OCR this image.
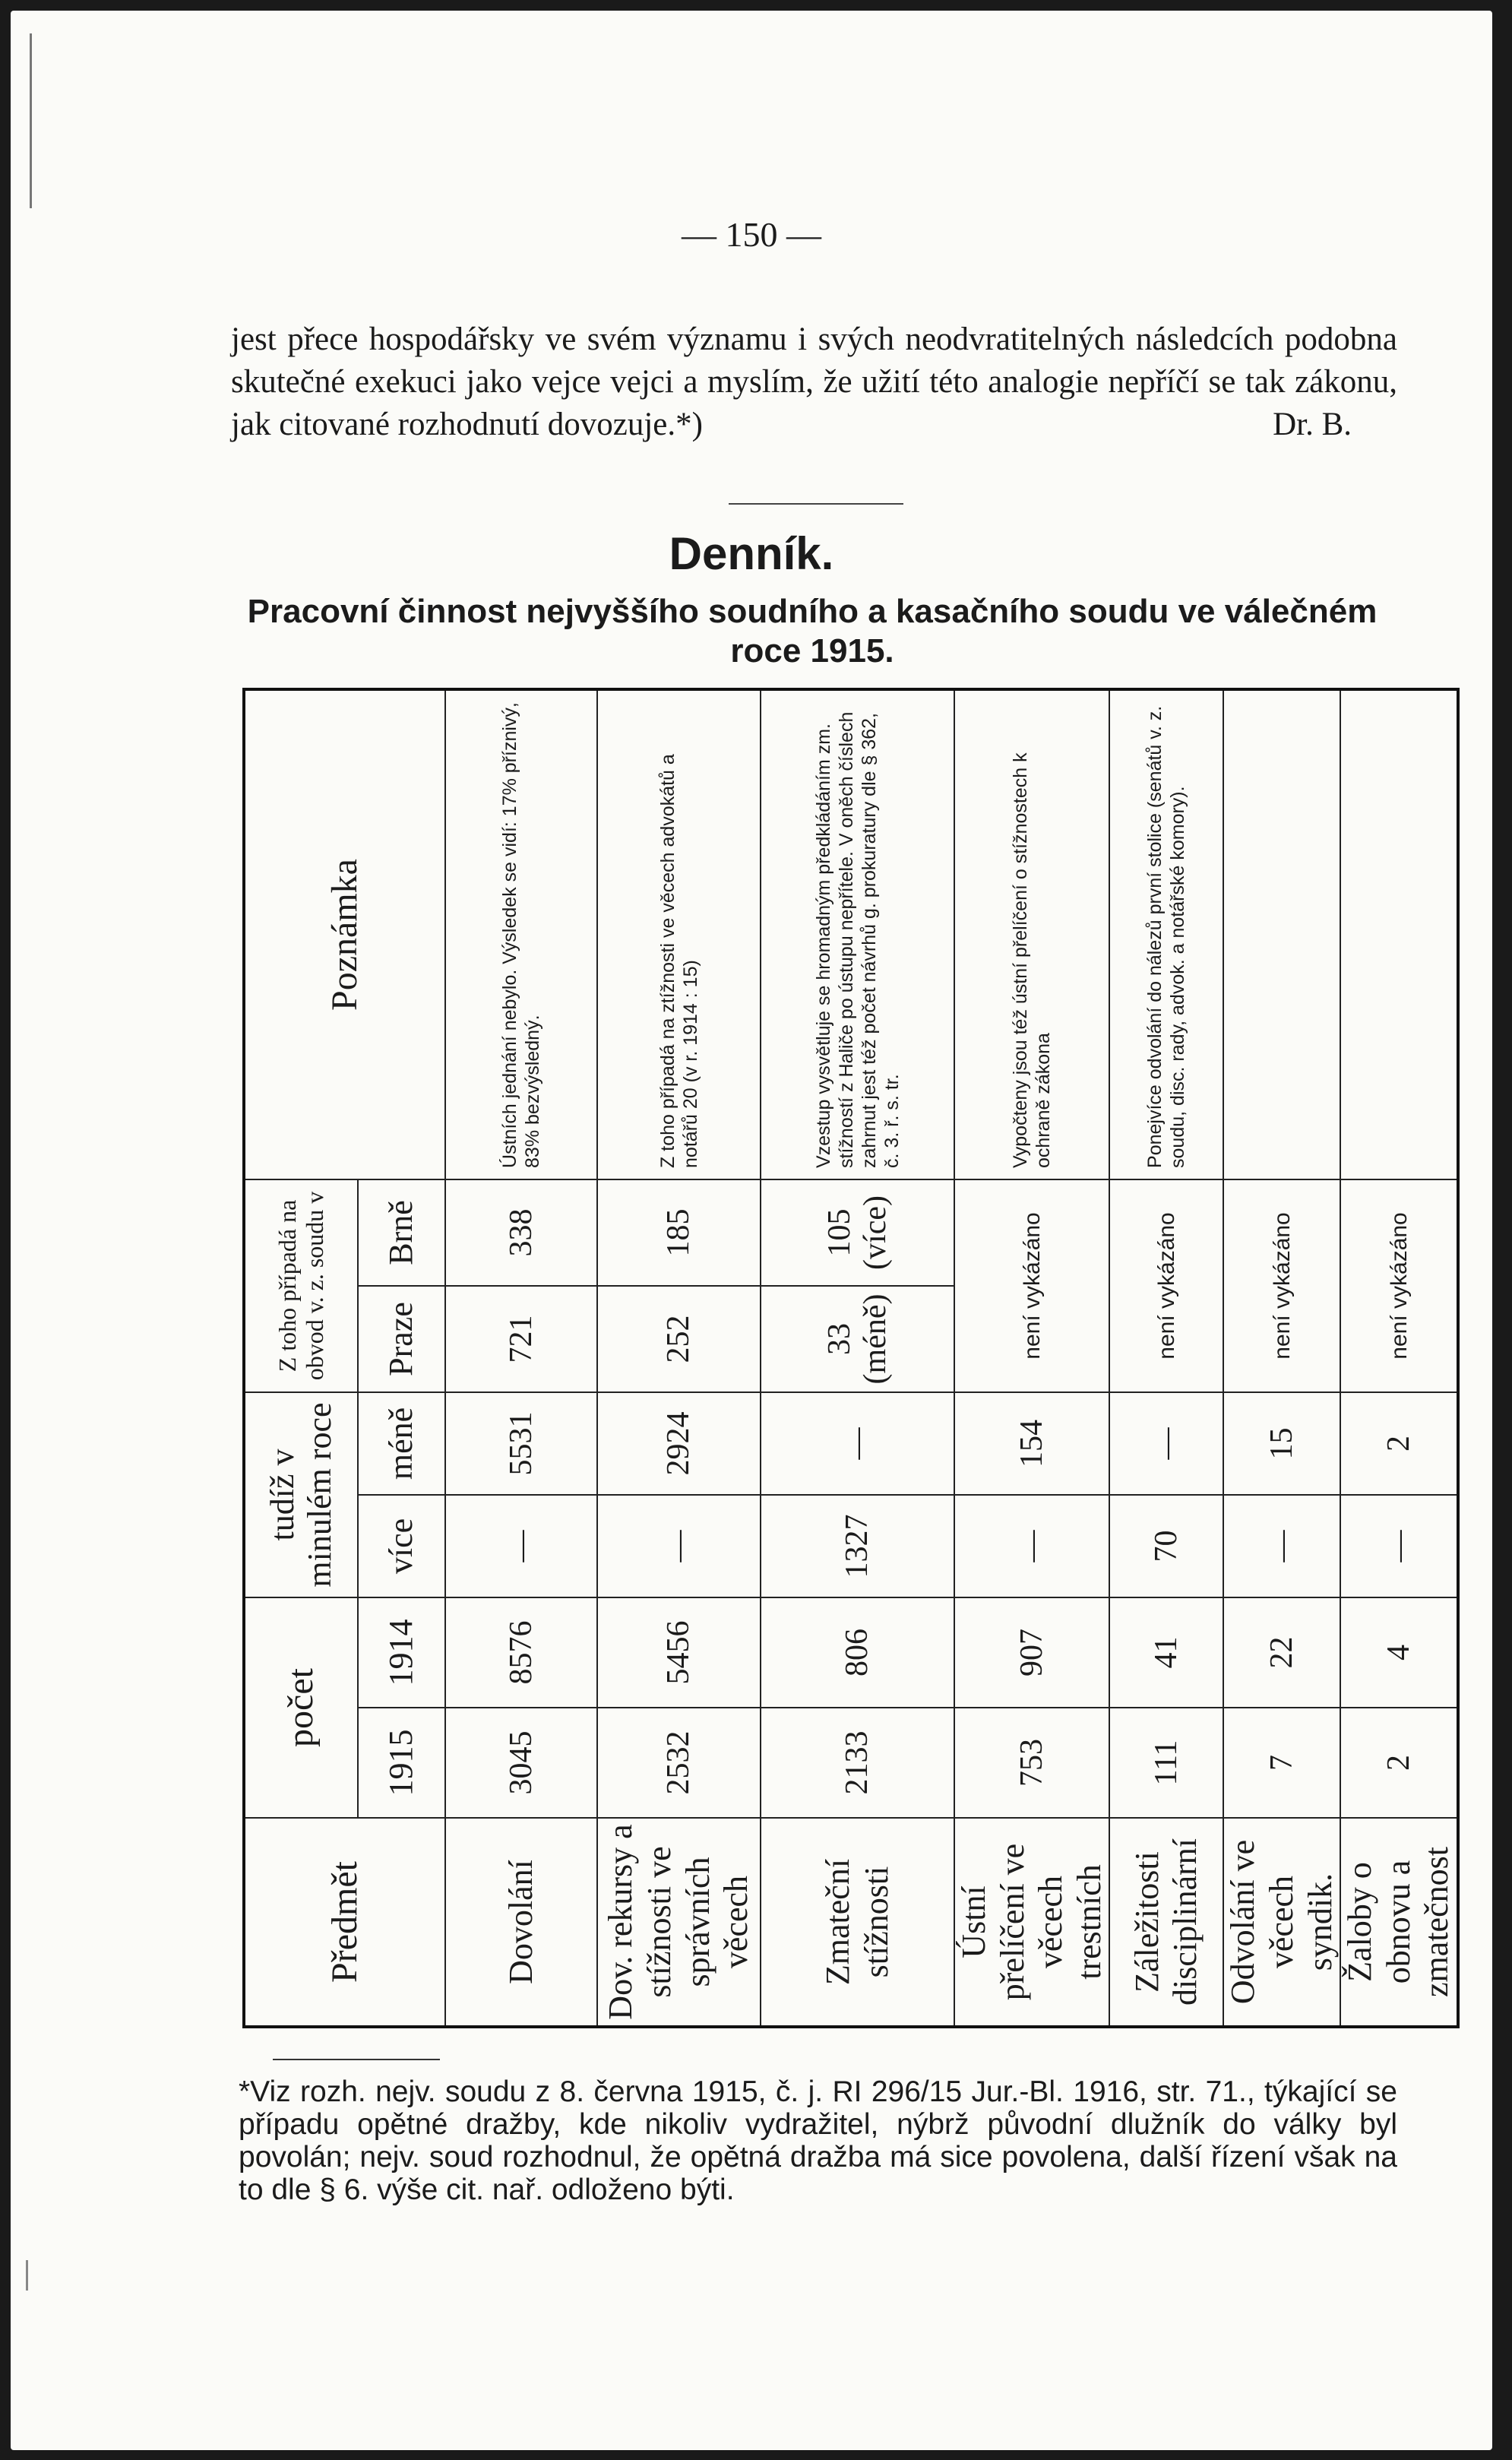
— 150 —
jest přece hospodářsky ve svém významu i svých neodvratitelných následcích podobna skutečné exekuci jako vejce vejci a myslím, že užití této analogie nepříčí se tak zákonu, jak citované rozhodnutí dovozuje.*)	Dr. B.
Denník.
Pracovní činnost nejvyššího soudního a kasačního soudu ve válečném roce 1915.
Předmět	počet		tudíž v minulém roce		Z toho případá na obvod v. z. soudu v		Poznámka
	1915	1914	více	méně	Praze	Brně	
Dovolání	3045	8576	—	5531	721	338	Ústních jednání nebylo. Výsledek se vidí: 17% příznivý, 83% bezvýsledný.
Dov. rekursy a stížnosti ve správních věcech	2532	5456	—	2924	252	185	Z toho případá na ztížnosti ve věcech advokátů a notářů 20 (v r. 1914 : 15)
Zmateční stížnosti	2133	806	1327	—	33 (méně)	105 (více)	Vzestup vysvětluje se hromadným předkládáním zm. stížností z Haliče po ústupu nepřítele. V oněch číslech zahrnut jest též počet návrhů g. prokuratury dle § 362, č. 3. ř. s. tr.
Ústní přelíčení ve věcech trestních	753	907	—	154	není vykázáno		Vypočteny jsou též ústní přelíčení o stížnostech k ochraně zákona
Záležitosti disciplinární	111	41	70	—	není vykázáno		Ponejvíce odvolání do nálezů první stolice (senátů v. z. soudu, disc. rady, advok. a notářské komory).
Odvolání ve věcech syndik.	7	22	—	15	není vykázáno		
Žaloby o obnovu a zmatečnost	2	4	—	2	není vykázáno		
*Viz rozh. nejv. soudu z 8. června 1915, č. j. RI 296/15 Jur.-Bl. 1916, str. 71., týkající se případu opětné dražby, kde nikoliv vydražitel, nýbrž původní dlužník do války byl povolán; nejv. soud rozhodnul, že opětná dražba má sice povolena, další řízení však na to dle § 6. výše cit. nař. odloženo býti.
